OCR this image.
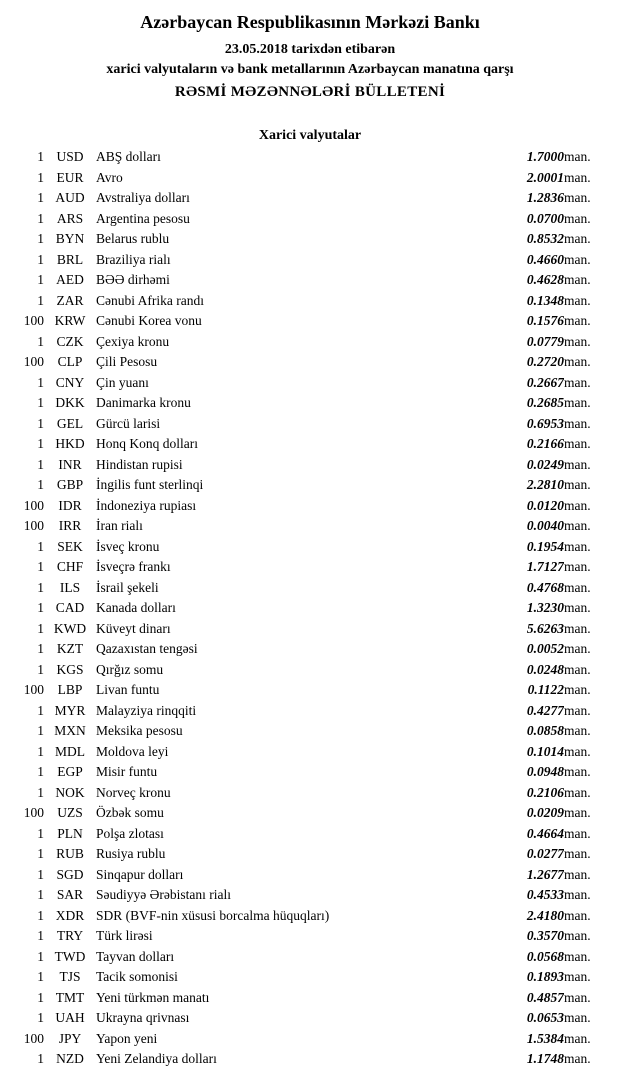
Azərbaycan Respublikasının Mərkəzi Bankı
23.05.2018 tarixdən etibarən
xarici valyutaların və bank metallarının Azərbaycan manatına qarşı
RƏSMİ MƏZƏNNƏLƏRİ BÜLLETENİ
Xarici valyutalar
1	USD	ABŞ dolları	1.7000	man.
1	EUR	Avro	2.0001	man.
1	AUD	Avstraliya dolları	1.2836	man.
1	ARS	Argentina pesosu	0.0700	man.
1	BYN	Belarus rublu	0.8532	man.
1	BRL	Braziliya rialı	0.4660	man.
1	AED	BƏƏ dirhəmi	0.4628	man.
1	ZAR	Cənubi Afrika randı	0.1348	man.
100	KRW	Cənubi Korea vonu	0.1576	man.
1	CZK	Çexiya kronu	0.0779	man.
100	CLP	Çili Pesosu	0.2720	man.
1	CNY	Çin yuanı	0.2667	man.
1	DKK	Danimarka kronu	0.2685	man.
1	GEL	Gürcü larisi	0.6953	man.
1	HKD	Honq Konq dolları	0.2166	man.
1	INR	Hindistan rupisi	0.0249	man.
1	GBP	İngilis funt sterlinqi	2.2810	man.
100	IDR	İndoneziya rupiası	0.0120	man.
100	IRR	İran rialı	0.0040	man.
1	SEK	İsveç kronu	0.1954	man.
1	CHF	İsveçrə frankı	1.7127	man.
1	ILS	İsrail şekeli	0.4768	man.
1	CAD	Kanada dolları	1.3230	man.
1	KWD	Küveyt dinarı	5.6263	man.
1	KZT	Qazaxıstan tengəsi	0.0052	man.
1	KGS	Qırğız somu	0.0248	man.
100	LBP	Livan funtu	0.1122	man.
1	MYR	Malayziya rinqqiti	0.4277	man.
1	MXN	Meksika pesosu	0.0858	man.
1	MDL	Moldova leyi	0.1014	man.
1	EGP	Misir funtu	0.0948	man.
1	NOK	Norveç kronu	0.2106	man.
100	UZS	Özbək somu	0.0209	man.
1	PLN	Polşa zlotası	0.4664	man.
1	RUB	Rusiya rublu	0.0277	man.
1	SGD	Sinqapur dolları	1.2677	man.
1	SAR	Səudiyyə Ərəbistanı rialı	0.4533	man.
1	XDR	SDR (BVF-nin xüsusi borcalma hüquqları)	2.4180	man.
1	TRY	Türk lirəsi	0.3570	man.
1	TWD	Tayvan dolları	0.0568	man.
1	TJS	Tacik somonisi	0.1893	man.
1	TMT	Yeni türkmən manatı	0.4857	man.
1	UAH	Ukrayna qrivnası	0.0653	man.
100	JPY	Yapon yeni	1.5384	man.
1	NZD	Yeni Zelandiya dolları	1.1748	man.
